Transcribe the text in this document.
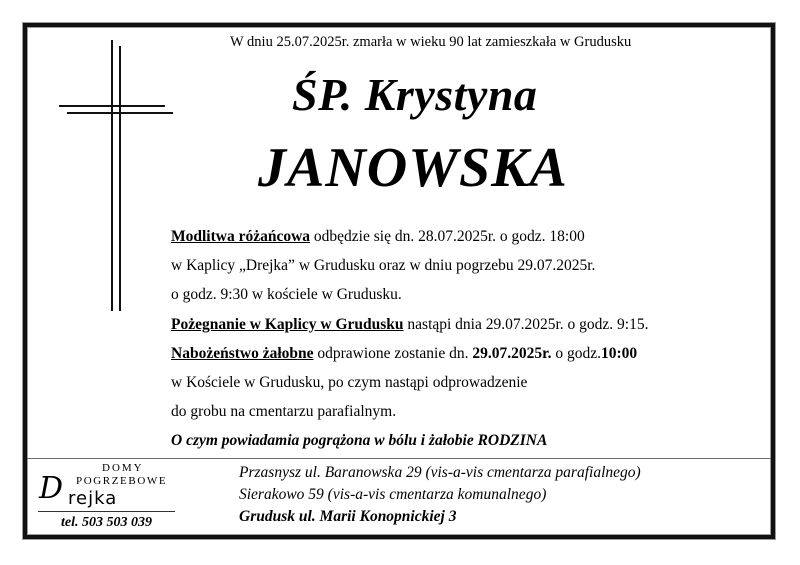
W dniu 25.07.2025r. zmarła w wieku 90 lat zamieszkała w Grudusku
ŚP. Krystyna
JANOWSKA
Modlitwa różańcowa odbędzie się dn. 28.07.2025r. o godz. 18:00
w Kaplicy „Drejka” w Grudusku oraz w dniu pogrzebu 29.07.2025r.
o godz. 9:30 w kościele w Grudusku.
Pożegnanie w Kaplicy w Grudusku nastąpi dnia 29.07.2025r. o godz. 9:15.
Nabożeństwo żałobne odprawione zostanie dn. 29.07.2025r. o godz.10:00
w Kościele w Grudusku, po czym nastąpi odprowadzenie
do grobu na cmentarzu parafialnym.
O czym powiadamia pogrążona w bólu i żałobie RODZINA
DOMY
POGRZEBOWE
D rejka
tel. 503 503 039
Przasnysz ul. Baranowska 29 (vis-a-vis cmentarza parafialnego)
Sierakowo 59 (vis-a-vis cmentarza komunalnego)
Grudusk ul. Marii Konopnickiej 3
